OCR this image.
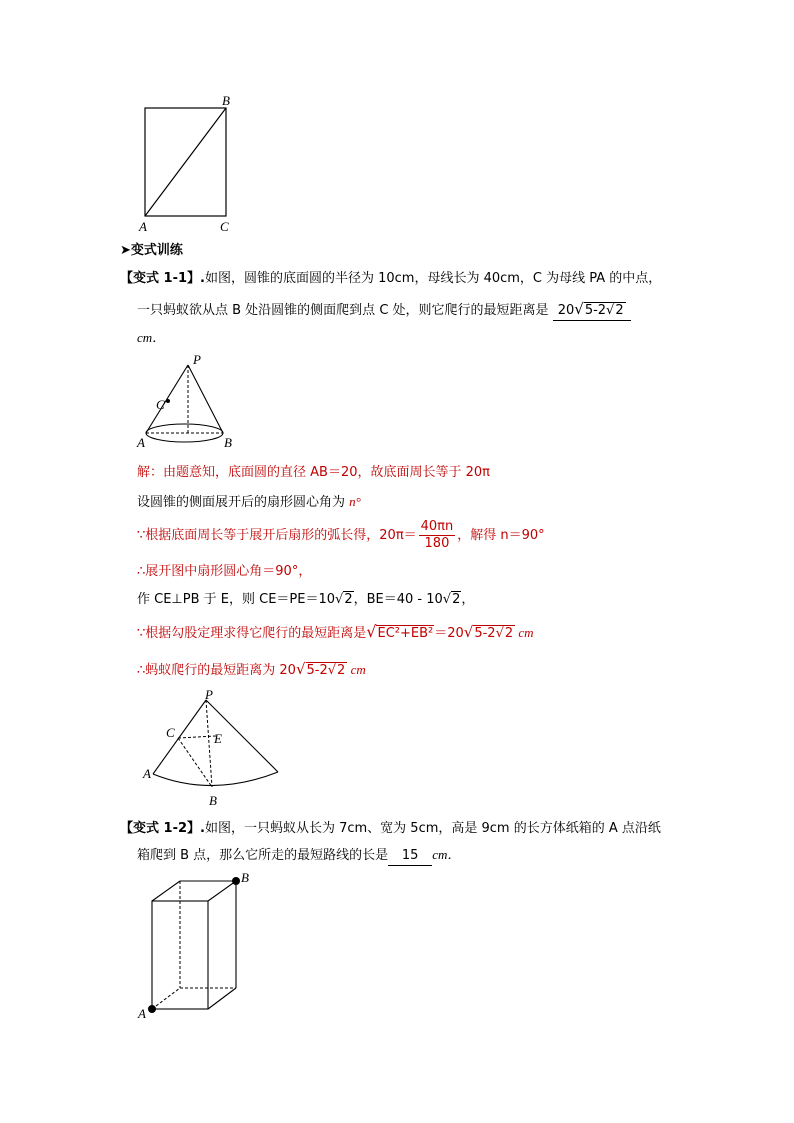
B
A	C
➤变式训练
【变式 1-1】.如图，圆锥的底面圆的半径为 10cm，母线长为 40cm，C 为母线 PA 的中点，
一只蚂蚁欲从点 B 处沿圆锥的侧面爬到点 C 处，则它爬行的最短距离是 20√5-2√2
cm．
P
C
A	B
解：由题意知，底面圆的直径 AB＝20，故底面周长等于 20π
设圆锥的侧面展开后的扇形圆心角为 n°
∵根据底面周长等于展开后扇形的弧长得，$20\pi= \frac{40\pi n}{180}$ ，解得 n＝90°
∴展开图中扇形圆心角＝90°，
作 CE⊥PB 于 E，则 CE＝PE＝10√2，BE＝40 - 10√2，
∵根据勾股定理求得它爬行的最短距离是√EC²+EB²＝20√5-2√2 cm
∴蚂蚁爬行的最短距离为 20√5-2√2 cm
P
C	E
A
B
【变式 1-2】.如图，一只蚂蚁从长为 7cm、宽为 5cm，高是 9cm 的长方体纸箱的 A 点沿纸
箱爬到 B 点，那么它所走的最短路线的长是 15 cm．
B
A
